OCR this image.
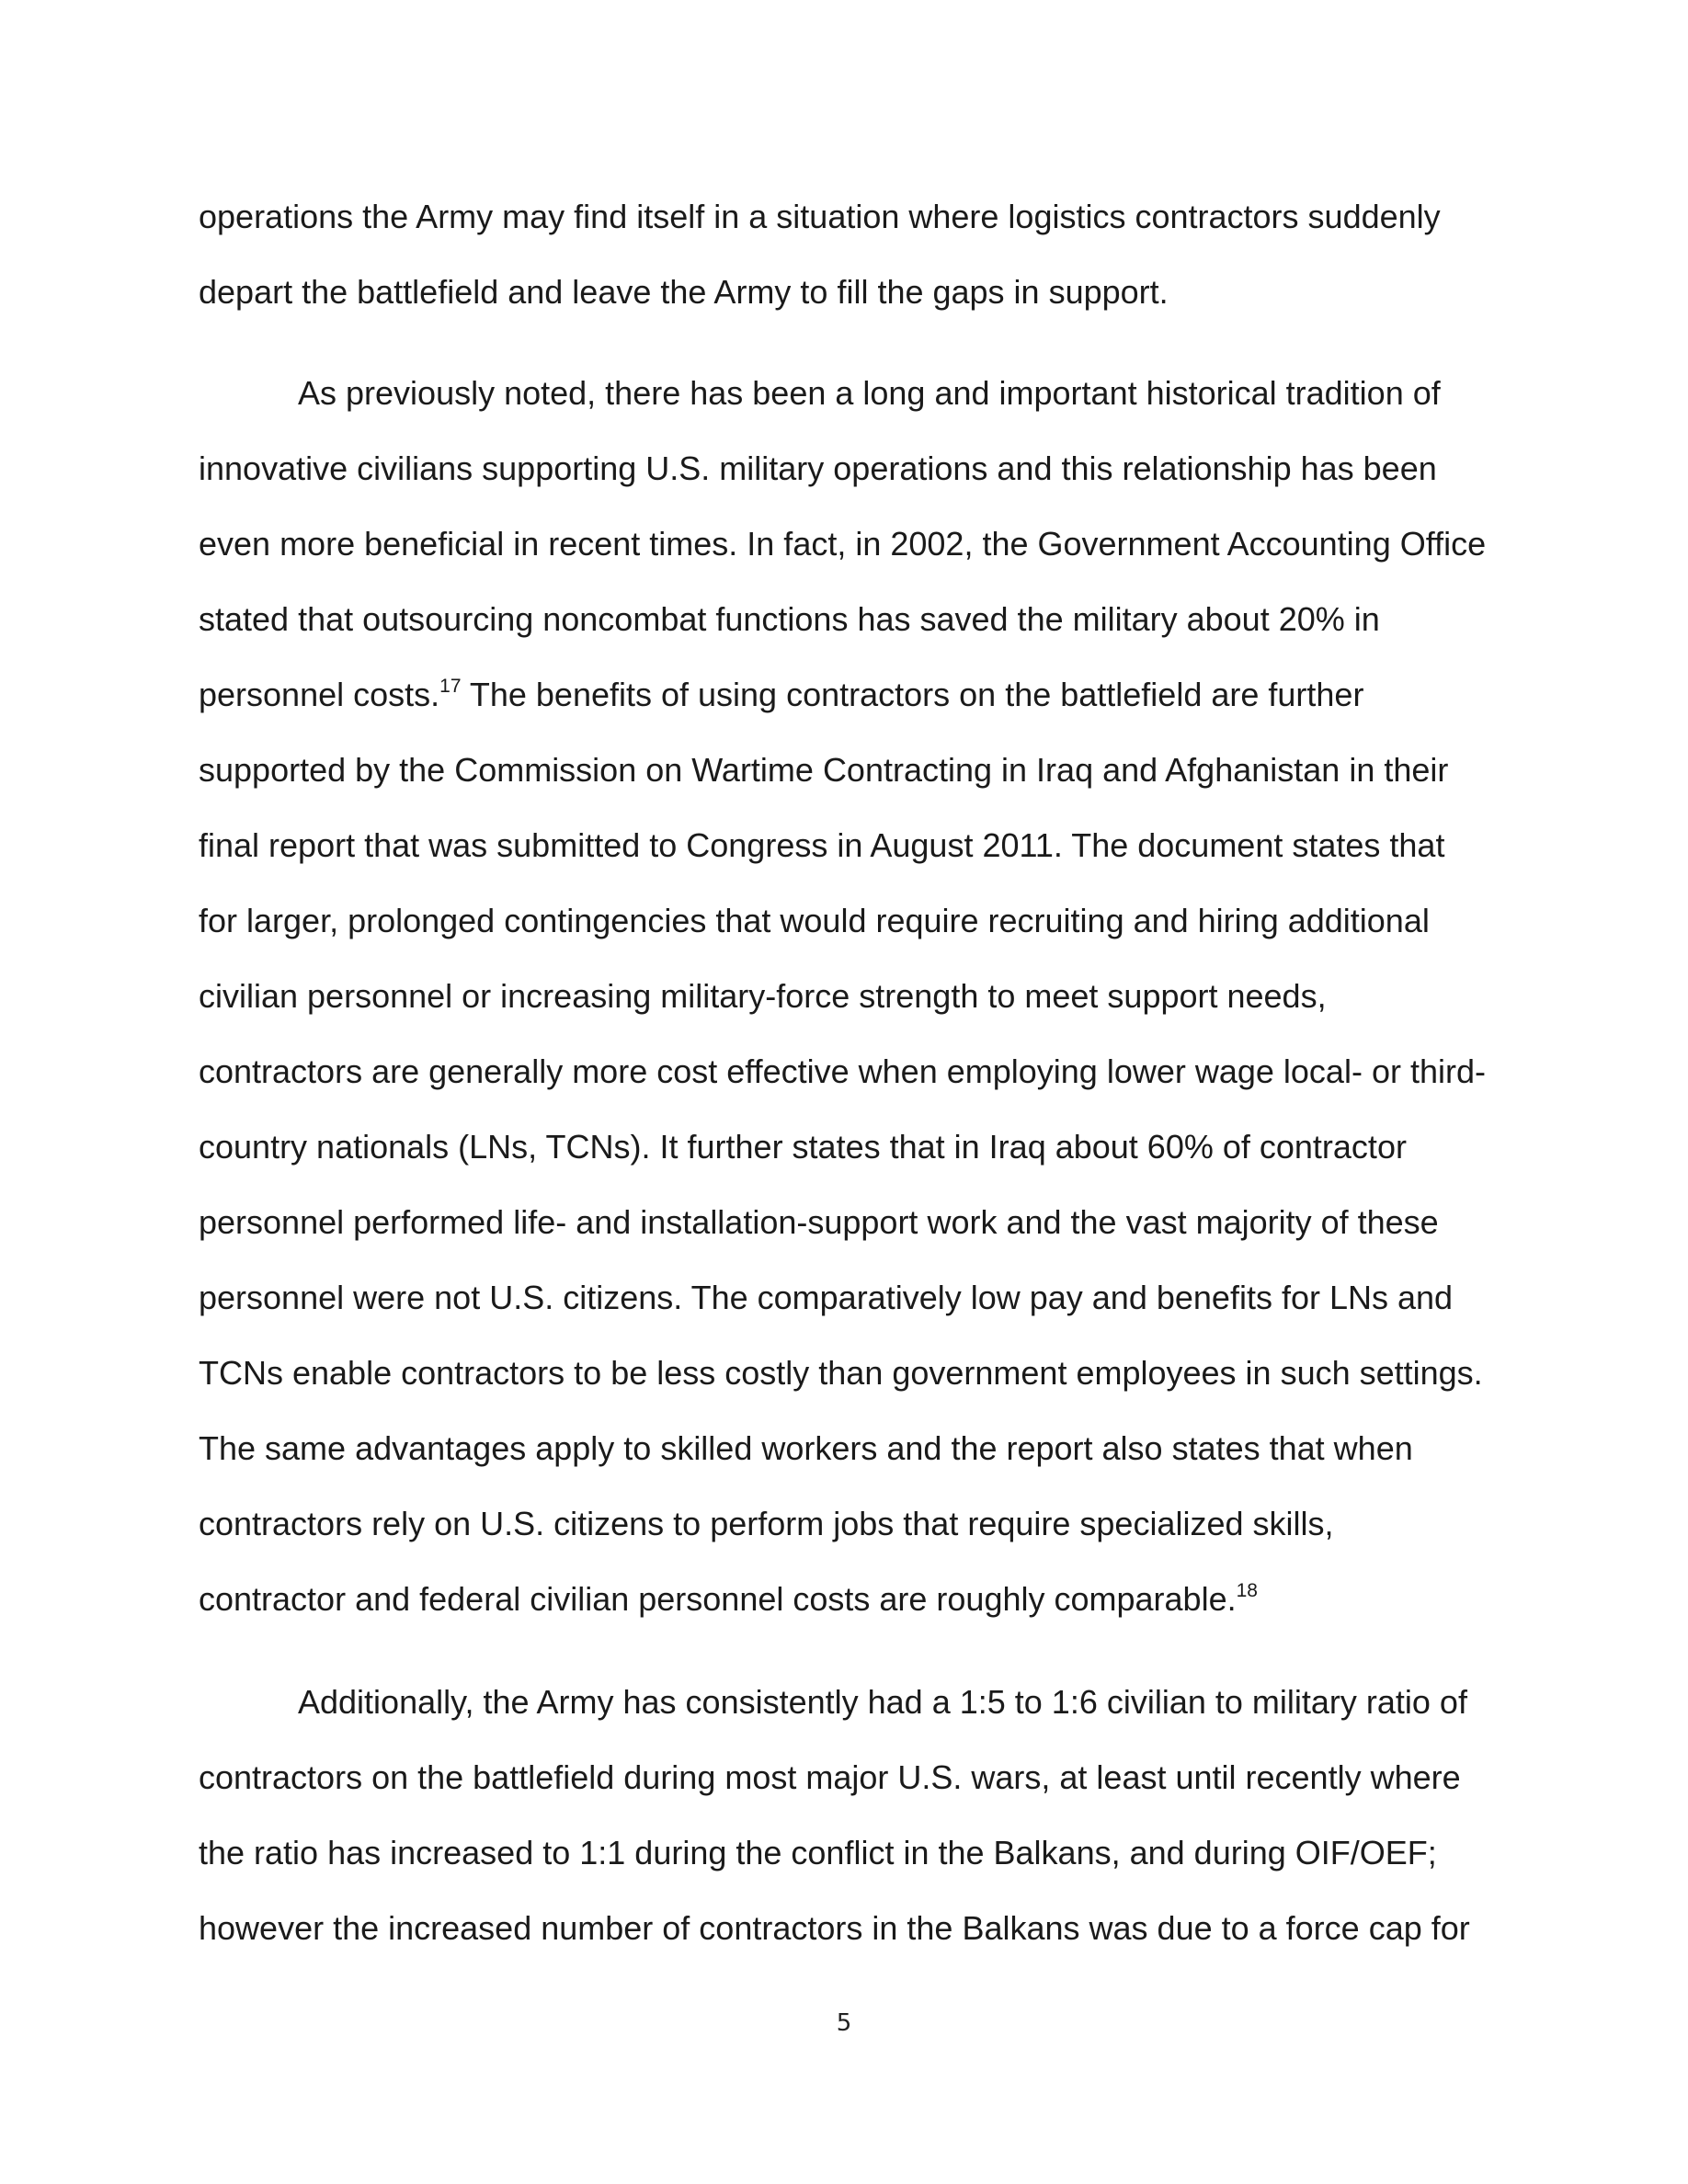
operations the Army may find itself in a situation where logistics contractors suddenly
depart the battlefield and leave the Army to fill the gaps in support.
As previously noted, there has been a long and important historical tradition of
innovative civilians supporting U.S. military operations and this relationship has been
even more beneficial in recent times. In fact, in 2002, the Government Accounting Office
stated that outsourcing noncombat functions has saved the military about 20% in
personnel costs.$^{17}$ The benefits of using contractors on the battlefield are further
supported by the Commission on Wartime Contracting in Iraq and Afghanistan in their
final report that was submitted to Congress in August 2011. The document states that
for larger, prolonged contingencies that would require recruiting and hiring additional
civilian personnel or increasing military-force strength to meet support needs,
contractors are generally more cost effective when employing lower wage local- or third-
country nationals (LNs, TCNs). It further states that in Iraq about 60% of contractor
personnel performed life- and installation-support work and the vast majority of these
personnel were not U.S. citizens. The comparatively low pay and benefits for LNs and
TCNs enable contractors to be less costly than government employees in such settings.
The same advantages apply to skilled workers and the report also states that when
contractors rely on U.S. citizens to perform jobs that require specialized skills,
contractor and federal civilian personnel costs are roughly comparable.$^{18}$
Additionally, the Army has consistently had a 1:5 to 1:6 civilian to military ratio of
contractors on the battlefield during most major U.S. wars, at least until recently where
the ratio has increased to 1:1 during the conflict in the Balkans, and during OIF/OEF;
however the increased number of contractors in the Balkans was due to a force cap for
5
